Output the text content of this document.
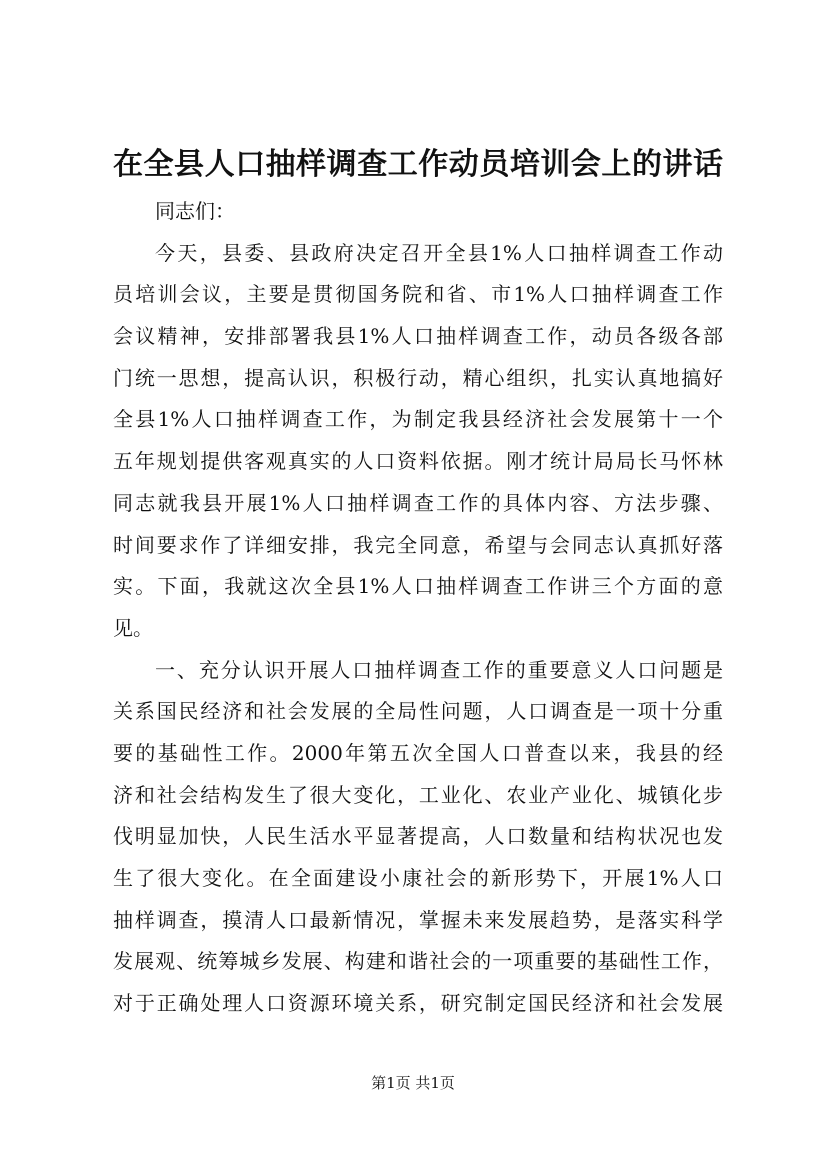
在全县人口抽样调查工作动员培训会上的讲话
同志们：
今天，县委、县政府决定召开全县1%人口抽样调查工作动
员培训会议，主要是贯彻国务院和省、市1%人口抽样调查工作
会议精神，安排部署我县1%人口抽样调查工作，动员各级各部
门统一思想，提高认识，积极行动，精心组织，扎实认真地搞好
全县1%人口抽样调查工作，为制定我县经济社会发展第十一个
五年规划提供客观真实的人口资料依据。刚才统计局局长马怀林
同志就我县开展1%人口抽样调查工作的具体内容、方法步骤、
时间要求作了详细安排，我完全同意，希望与会同志认真抓好落
实。下面，我就这次全县1%人口抽样调查工作讲三个方面的意
见。
一、充分认识开展人口抽样调查工作的重要意义人口问题是
关系国民经济和社会发展的全局性问题，人口调查是一项十分重
要的基础性工作。2000年第五次全国人口普查以来，我县的经
济和社会结构发生了很大变化，工业化、农业产业化、城镇化步
伐明显加快，人民生活水平显著提高，人口数量和结构状况也发
生了很大变化。在全面建设小康社会的新形势下，开展1%人口
抽样调查，摸清人口最新情况，掌握未来发展趋势，是落实科学
发展观、统筹城乡发展、构建和谐社会的一项重要的基础性工作，
对于正确处理人口资源环境关系，研究制定国民经济和社会发展
第1页 共1页
